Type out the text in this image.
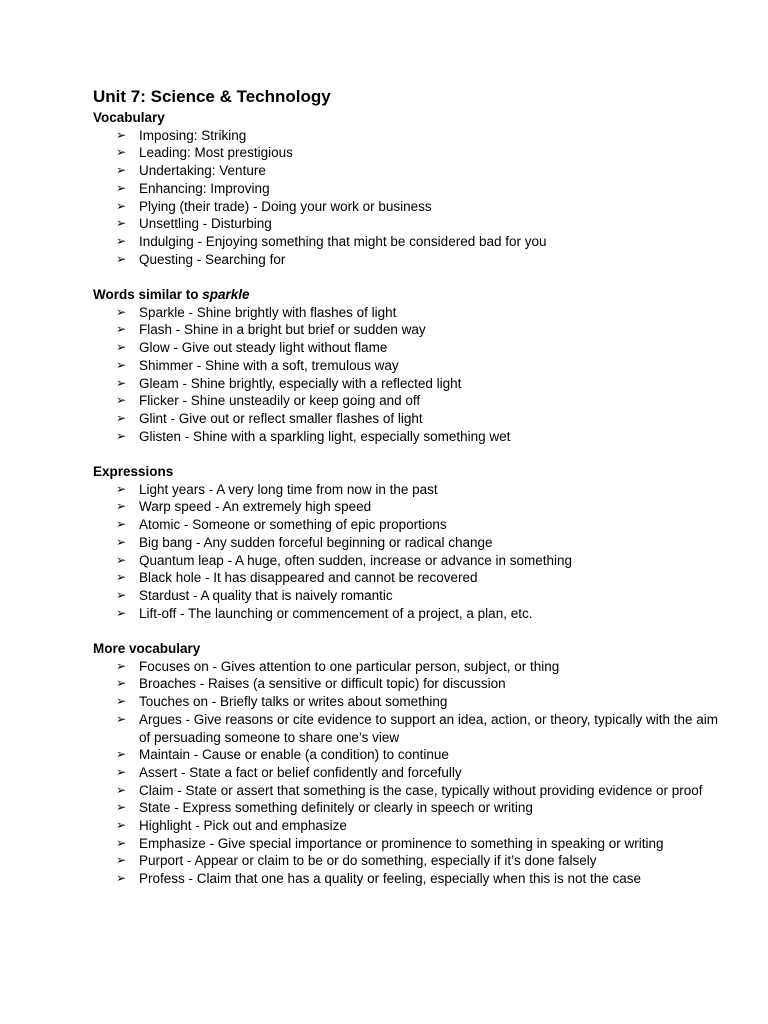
Unit 7: Science & Technology
Vocabulary
➢ Imposing: Striking
➢ Leading: Most prestigious
➢ Undertaking: Venture
➢ Enhancing: Improving
➢ Plying (their trade) - Doing your work or business
➢ Unsettling - Disturbing
➢ Indulging - Enjoying something that might be considered bad for you
➢ Questing - Searching for
Words similar to sparkle
➢ Sparkle - Shine brightly with flashes of light
➢ Flash - Shine in a bright but brief or sudden way
➢ Glow - Give out steady light without flame
➢ Shimmer - Shine with a soft, tremulous way
➢ Gleam - Shine brightly, especially with a reflected light
➢ Flicker - Shine unsteadily or keep going and off
➢ Glint - Give out or reflect smaller flashes of light
➢ Glisten - Shine with a sparkling light, especially something wet
Expressions
➢ Light years - A very long time from now in the past
➢ Warp speed - An extremely high speed
➢ Atomic - Someone or something of epic proportions
➢ Big bang - Any sudden forceful beginning or radical change
➢ Quantum leap - A huge, often sudden, increase or advance in something
➢ Black hole - It has disappeared and cannot be recovered
➢ Stardust - A quality that is naively romantic
➢ Lift-off - The launching or commencement of a project, a plan, etc.
More vocabulary
➢ Focuses on - Gives attention to one particular person, subject, or thing
➢ Broaches - Raises (a sensitive or difficult topic) for discussion
➢ Touches on - Briefly talks or writes about something
➢ Argues - Give reasons or cite evidence to support an idea, action, or theory, typically with the aim of persuading someone to share one’s view
➢ Maintain - Cause or enable (a condition) to continue
➢ Assert - State a fact or belief confidently and forcefully
➢ Claim - State or assert that something is the case, typically without providing evidence or proof
➢ State - Express something definitely or clearly in speech or writing
➢ Highlight - Pick out and emphasize
➢ Emphasize - Give special importance or prominence to something in speaking or writing
➢ Purport - Appear or claim to be or do something, especially if it’s done falsely
➢ Profess - Claim that one has a quality or feeling, especially when this is not the case
